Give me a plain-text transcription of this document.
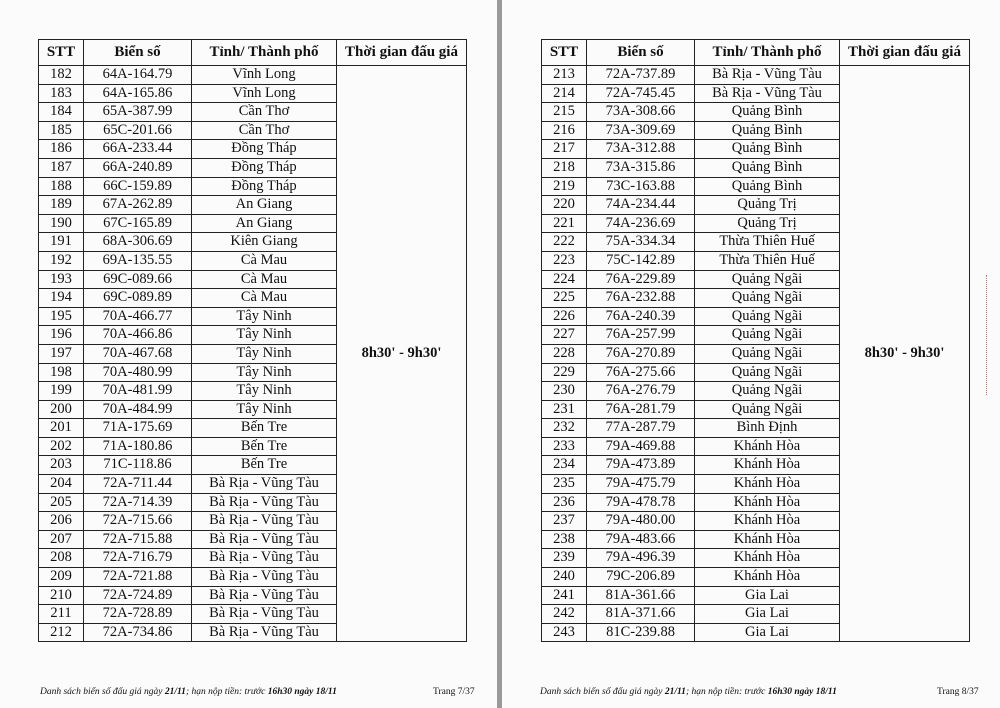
STT	Biển số	Tỉnh/ Thành phố	Thời gian đấu giá
182	64A-164.79	Vĩnh Long	8h30' - 9h30'
183	64A-165.86	Vĩnh Long	
184	65A-387.99	Cần Thơ	
185	65C-201.66	Cần Thơ	
186	66A-233.44	Đồng Tháp	
187	66A-240.89	Đồng Tháp	
188	66C-159.89	Đồng Tháp	
189	67A-262.89	An Giang	
190	67C-165.89	An Giang	
191	68A-306.69	Kiên Giang	
192	69A-135.55	Cà Mau	
193	69C-089.66	Cà Mau	
194	69C-089.89	Cà Mau	
195	70A-466.77	Tây Ninh	
196	70A-466.86	Tây Ninh	
197	70A-467.68	Tây Ninh	
198	70A-480.99	Tây Ninh	
199	70A-481.99	Tây Ninh	
200	70A-484.99	Tây Ninh	
201	71A-175.69	Bến Tre	
202	71A-180.86	Bến Tre	
203	71C-118.86	Bến Tre	
204	72A-711.44	Bà Rịa - Vũng Tàu	
205	72A-714.39	Bà Rịa - Vũng Tàu	
206	72A-715.66	Bà Rịa - Vũng Tàu	
207	72A-715.88	Bà Rịa - Vũng Tàu	
208	72A-716.79	Bà Rịa - Vũng Tàu	
209	72A-721.88	Bà Rịa - Vũng Tàu	
210	72A-724.89	Bà Rịa - Vũng Tàu	
211	72A-728.89	Bà Rịa - Vũng Tàu	
212	72A-734.86	Bà Rịa - Vũng Tàu	
Danh sách biển số đấu giá ngày 21/11; hạn nộp tiền: trước 16h30 ngày 18/11	Trang 7/37
STT	Biển số	Tỉnh/ Thành phố	Thời gian đấu giá
213	72A-737.89	Bà Rịa - Vũng Tàu	8h30' - 9h30'
214	72A-745.45	Bà Rịa - Vũng Tàu	
215	73A-308.66	Quảng Bình	
216	73A-309.69	Quảng Bình	
217	73A-312.88	Quảng Bình	
218	73A-315.86	Quảng Bình	
219	73C-163.88	Quảng Bình	
220	74A-234.44	Quảng Trị	
221	74A-236.69	Quảng Trị	
222	75A-334.34	Thừa Thiên Huế	
223	75C-142.89	Thừa Thiên Huế	
224	76A-229.89	Quảng Ngãi	
225	76A-232.88	Quảng Ngãi	
226	76A-240.39	Quảng Ngãi	
227	76A-257.99	Quảng Ngãi	
228	76A-270.89	Quảng Ngãi	
229	76A-275.66	Quảng Ngãi	
230	76A-276.79	Quảng Ngãi	
231	76A-281.79	Quảng Ngãi	
232	77A-287.79	Bình Định	
233	79A-469.88	Khánh Hòa	
234	79A-473.89	Khánh Hòa	
235	79A-475.79	Khánh Hòa	
236	79A-478.78	Khánh Hòa	
237	79A-480.00	Khánh Hòa	
238	79A-483.66	Khánh Hòa	
239	79A-496.39	Khánh Hòa	
240	79C-206.89	Khánh Hòa	
241	81A-361.66	Gia Lai	
242	81A-371.66	Gia Lai	
243	81C-239.88	Gia Lai	
Danh sách biển số đấu giá ngày 21/11; hạn nộp tiền: trước 16h30 ngày 18/11	Trang 8/37
